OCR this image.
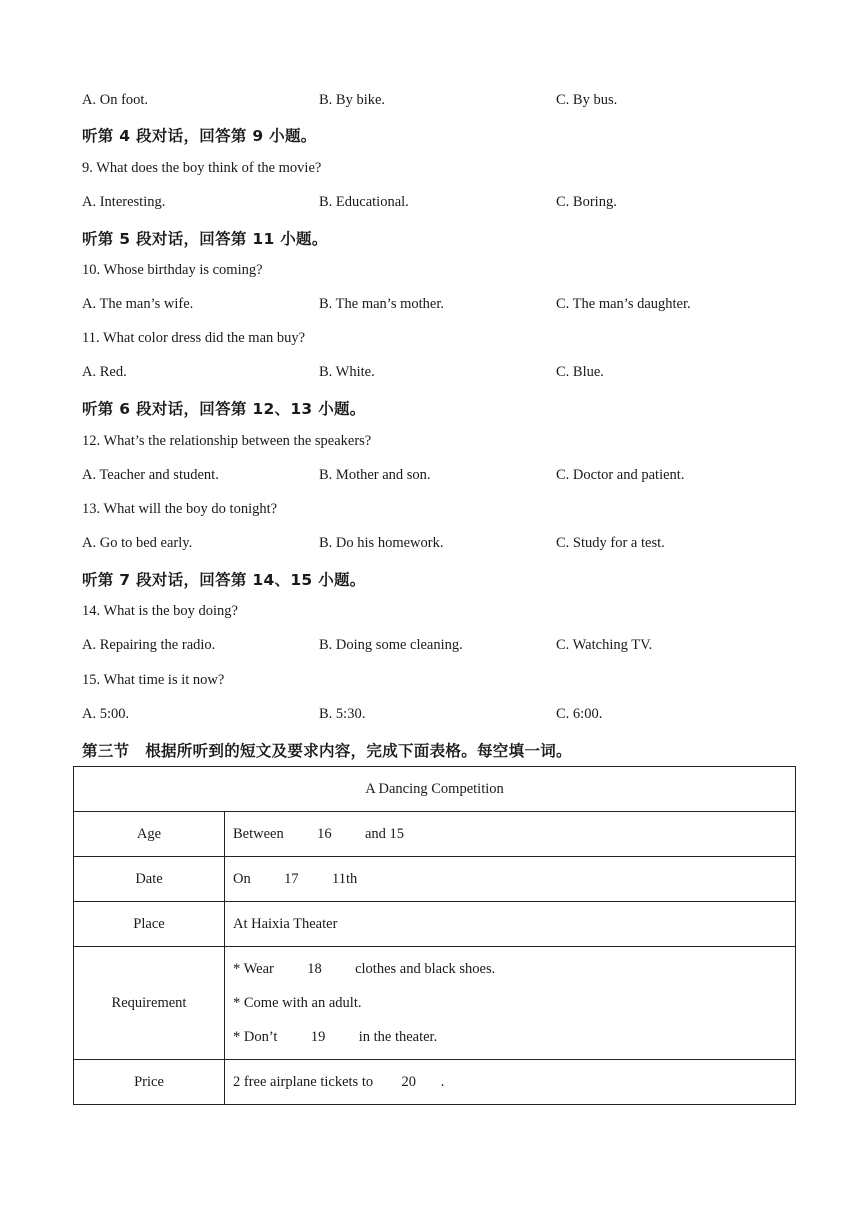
A. On foot.	B. By bike.	C. By bus.
听第 4 段对话，回答第 9 小题。
9. What does the boy think of the movie?
A. Interesting.	B. Educational.	C. Boring.
听第 5 段对话，回答第 11 小题。
10. Whose birthday is coming?
A. The man’s wife.	B. The man’s mother.	C. The man’s daughter.
11. What color dress did the man buy?
A. Red.	B. White.	C. Blue.
听第 6 段对话，回答第 12、13 小题。
12. What’s the relationship between the speakers?
A. Teacher and student.	B. Mother and son.	C. Doctor and patient.
13. What will the boy do tonight?
A. Go to bed early.	B. Do his homework.	C. Study for a test.
听第 7 段对话，回答第 14、15 小题。
14. What is the boy doing?
A. Repairing the radio.	B. Doing some cleaning.	C. Watching TV.
15. What time is it now?
A. 5:00.	B. 5:30.	C. 6:00.
第三节　根据所听到的短文及要求内容，完成下面表格。每空填一词。
A Dancing Competition	
Age	Between 16 and 15
Date	On 17 11th
Place	At Haixia Theater
Requirement	* Wear 18 clothes and black shoes.
* Come with an adult.
* Don’t 19 in the theater.

Price	2 free airplane tickets to 20 .
